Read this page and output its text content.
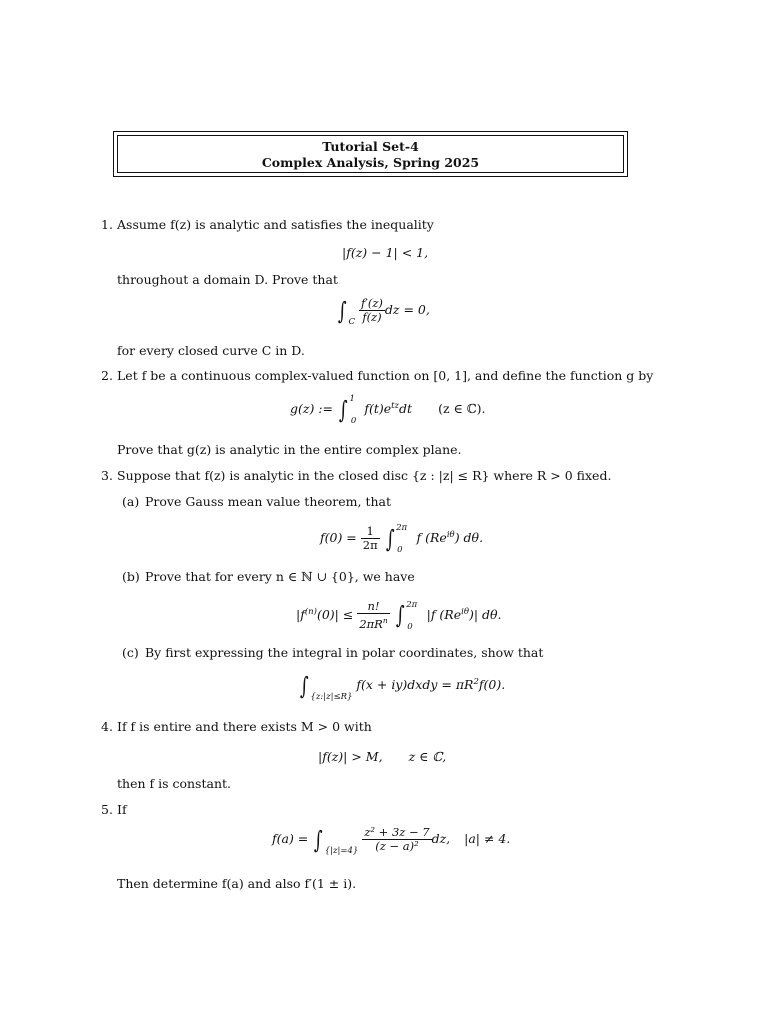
Tutorial Set-4
Complex Analysis, Spring 2025
1. Assume f(z) is analytic and satisfies the inequality
|f(z) − 1| < 1,
throughout a domain D. Prove that
∫ $_C \frac{f'(z)}{f(z)}$ dz = 0,
for every closed curve C in D.
2. Let f be a continuous complex-valued function on [0, 1], and define the function g by
g(z) := ∫ $^1_0$ $f(t)e^{tz}dt$ (z ∈ ℂ).
Prove that g(z) is analytic in the entire complex plane.
3. Suppose that f(z) is analytic in the closed disc {z : |z| ≤ R} where R > 0 fixed.
(a) Prove Gauss mean value theorem, that
$f(0) = \frac{1}{2\pi}$ ∫ $^{2\pi}_0$ f $(Re^{i\theta})$ dθ.
(b) Prove that for every n ∈ ℕ ∪ {0}, we have
$|f^{(n)}(0)| \le \frac{n!}{2\pi R^n}$ ∫ $^{2\pi}_0$ |f $(Re^{i\theta})|$ dθ.
(c) By first expressing the integral in polar coordinates, show that
∫ $_{\{z:|z|\le R\}}$ f(x + iy)dxdy = $\pi R^2f(0)$.
4. If f is entire and there exists M > 0 with
|f(z)| > M, z ∈ ℂ,
then f is constant.
5. If
f(a) = ∫ $_{\{|z|=4\}} \frac{\text{z² + 3z − 7}}{\text{(z − a)²}}$ dz, |a| ≠ 4.
Then determine f(a) and also f′(1 ± i).
